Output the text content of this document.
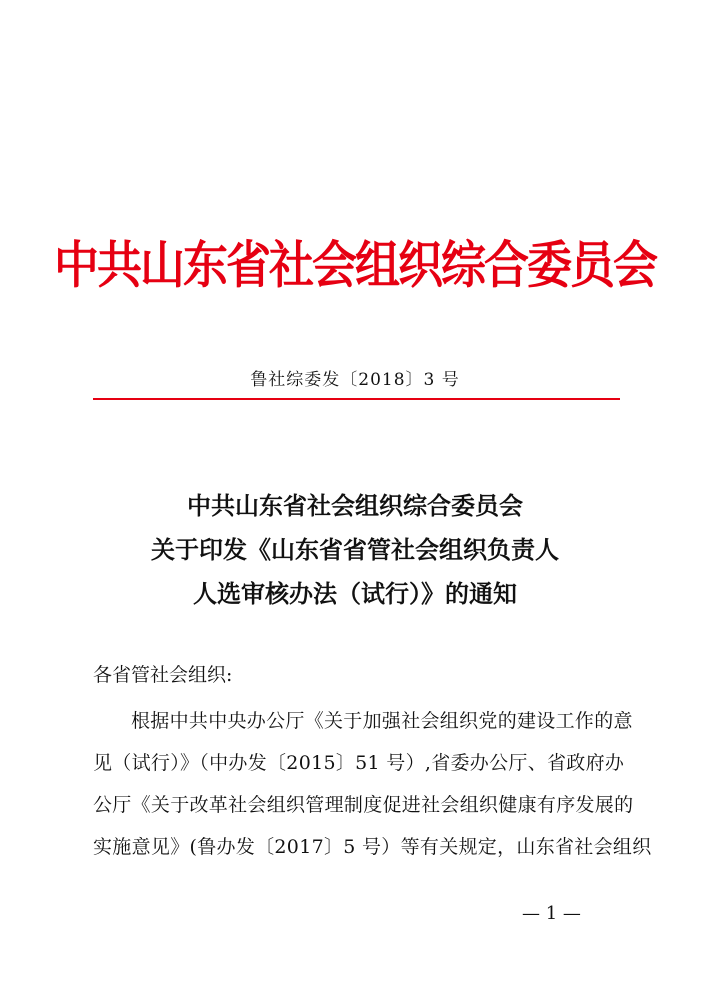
中共山东省社会组织综合委员会
鲁社综委发〔2018〕3 号
中共山东省社会组织综合委员会
关于印发《山东省省管社会组织负责人
人选审核办法（试行）》的通知
各省管社会组织:
根据中共中央办公厅《关于加强社会组织党的建设工作的意
见（试行）》（中办发〔2015〕51 号）,省委办公厅、省政府办
公厅《关于改革社会组织管理制度促进社会组织健康有序发展的
实施意见》(鲁办发〔2017〕5 号）等有关规定，山东省社会组织
— 1 —
